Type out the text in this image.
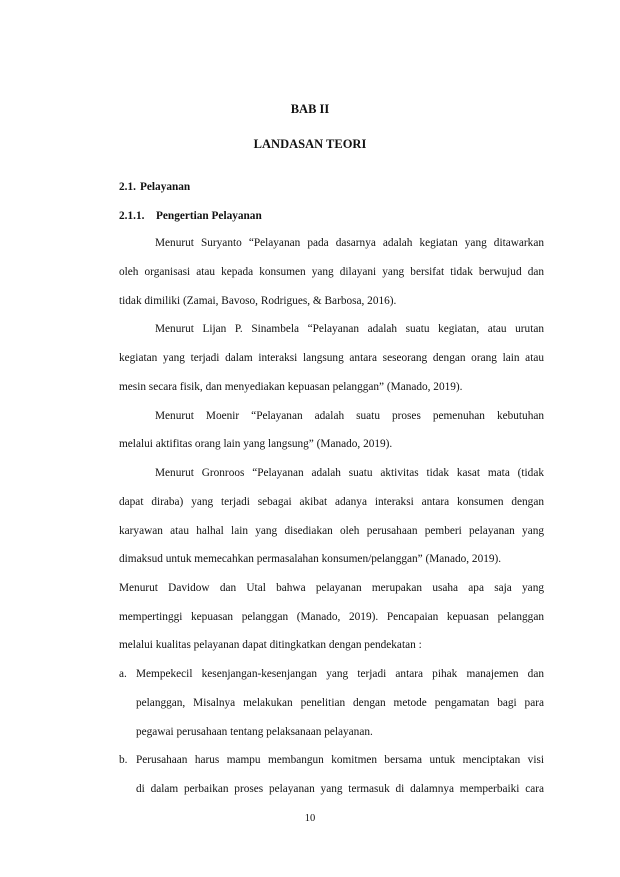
BAB II
LANDASAN TEORI
2.1. Pelayanan
2.1.1. Pengertian Pelayanan
Menurut Suryanto “Pelayanan pada dasarnya adalah kegiatan yang ditawarkan
oleh organisasi atau kepada konsumen yang dilayani yang bersifat tidak berwujud dan
tidak dimiliki (Zamai, Bavoso, Rodrigues, & Barbosa, 2016).
Menurut Lijan P. Sinambela “Pelayanan adalah suatu kegiatan, atau urutan
kegiatan yang terjadi dalam interaksi langsung antara seseorang dengan orang lain atau
mesin secara fisik, dan menyediakan kepuasan pelanggan” (Manado, 2019).
Menurut Moenir “Pelayanan adalah suatu proses pemenuhan kebutuhan
melalui aktifitas orang lain yang langsung” (Manado, 2019).
Menurut Gronroos “Pelayanan adalah suatu aktivitas tidak kasat mata (tidak
dapat diraba) yang terjadi sebagai akibat adanya interaksi antara konsumen dengan
karyawan atau halhal lain yang disediakan oleh perusahaan pemberi pelayanan yang
dimaksud untuk memecahkan permasalahan konsumen/pelanggan” (Manado, 2019).
Menurut Davidow dan Utal bahwa pelayanan merupakan usaha apa saja yang
mempertinggi kepuasan pelanggan (Manado, 2019). Pencapaian kepuasan pelanggan
melalui kualitas pelayanan dapat ditingkatkan dengan pendekatan :
a. Mempekecil kesenjangan-kesenjangan yang terjadi antara pihak manajemen dan
pelanggan, Misalnya melakukan penelitian dengan metode pengamatan bagi para
pegawai perusahaan tentang pelaksanaan pelayanan.
b. Perusahaan harus mampu membangun komitmen bersama untuk menciptakan visi
di dalam perbaikan proses pelayanan yang termasuk di dalamnya memperbaiki cara
10
